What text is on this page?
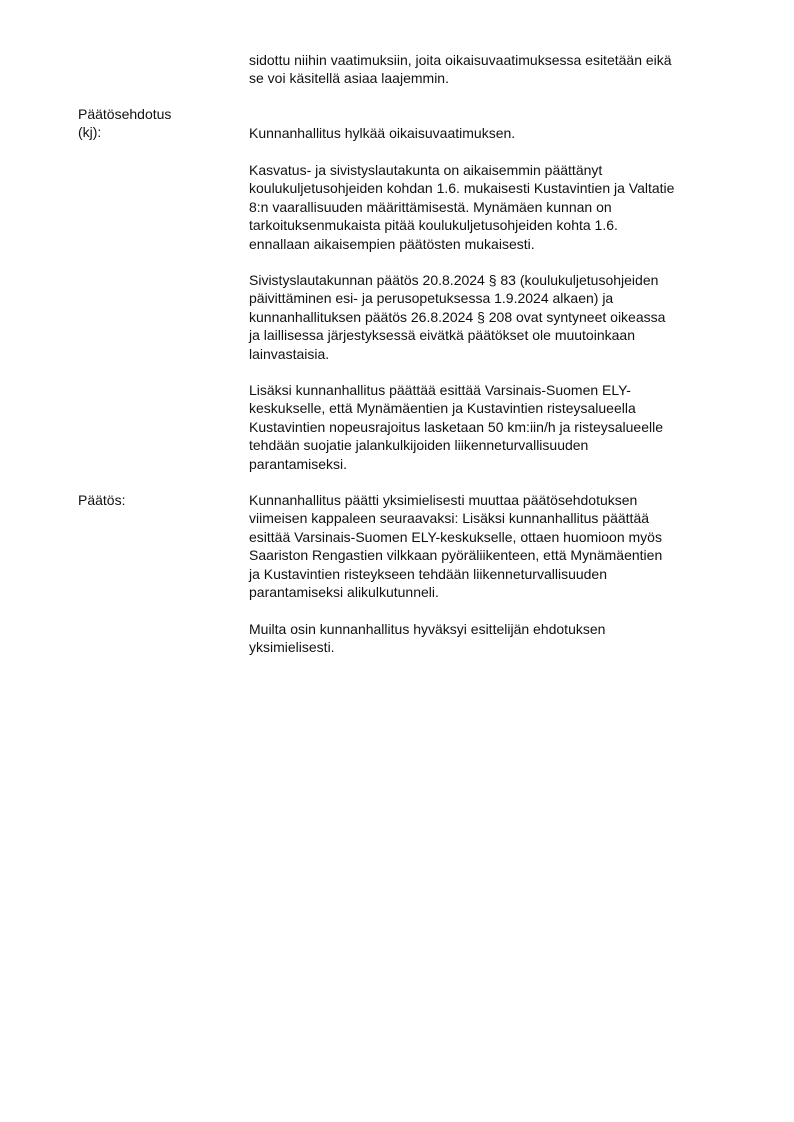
sidottu niihin vaatimuksiin, joita oikaisuvaatimuksessa esitetään eikä
se voi käsitellä asiaa laajemmin.
Päätösehdotus
(kj):	Kunnanhallitus hylkää oikaisuvaatimuksen.
Kasvatus- ja sivistyslautakunta on aikaisemmin päättänyt
koulukuljetusohjeiden kohdan 1.6. mukaisesti Kustavintien ja Valtatie
8:n vaarallisuuden määrittämisestä. Mynämäen kunnan on
tarkoituksenmukaista pitää koulukuljetusohjeiden kohta 1.6.
ennallaan aikaisempien päätösten mukaisesti.
Sivistyslautakunnan päätös 20.8.2024 § 83 (koulukuljetusohjeiden
päivittäminen esi- ja perusopetuksessa 1.9.2024 alkaen) ja
kunnanhallituksen päätös 26.8.2024 § 208 ovat syntyneet oikeassa
ja laillisessa järjestyksessä eivätkä päätökset ole muutoinkaan
lainvastaisia.
Lisäksi kunnanhallitus päättää esittää Varsinais-Suomen ELY-
keskukselle, että Mynämäentien ja Kustavintien risteysalueella
Kustavintien nopeusrajoitus lasketaan 50 km:iin/h ja risteysalueelle
tehdään suojatie jalankulkijoiden liikenneturvallisuuden
parantamiseksi.
Päätös:	Kunnanhallitus päätti yksimielisesti muuttaa päätösehdotuksen
viimeisen kappaleen seuraavaksi: Lisäksi kunnanhallitus päättää
esittää Varsinais-Suomen ELY-keskukselle, ottaen huomioon myös
Saariston Rengastien vilkkaan pyöräliikenteen, että Mynämäentien
ja Kustavintien risteykseen tehdään liikenneturvallisuuden
parantamiseksi alikulkutunneli.
Muilta osin kunnanhallitus hyväksyi esittelijän ehdotuksen
yksimielisesti.
